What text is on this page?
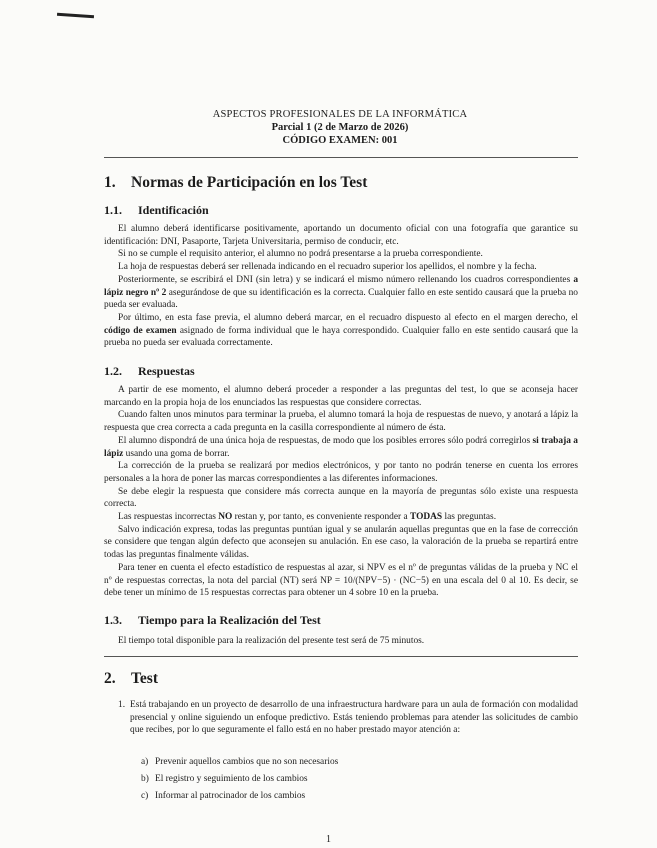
ASPECTOS PROFESIONALES DE LA INFORMÁTICA
Parcial 1 (2 de Marzo de 2026)
CÓDIGO EXAMEN: 001
1. Normas de Participación en los Test
1.1. Identificación

El alumno deberá identificarse positivamente, aportando un documento oficial con una fotografía que garantice su identificación: DNI, Pasaporte, Tarjeta Universitaria, permiso de conducir, etc.

Si no se cumple el requisito anterior, el alumno no podrá presentarse a la prueba correspondiente.

La hoja de respuestas deberá ser rellenada indicando en el recuadro superior los apellidos, el nombre y la fecha.

Posteriormente, se escribirá el DNI (sin letra) y se indicará el mismo número rellenando los cuadros correspondientes a lápiz negro nº 2 asegurándose de que su identificación es la correcta. Cualquier fallo en este sentido causará que la prueba no pueda ser evaluada.

Por último, en esta fase previa, el alumno deberá marcar, en el recuadro dispuesto al efecto en el margen derecho, el código de examen asignado de forma individual que le haya correspondido. Cualquier fallo en este sentido causará que la prueba no pueda ser evaluada correctamente.

1.2. Respuestas

A partir de ese momento, el alumno deberá proceder a responder a las preguntas del test, lo que se aconseja hacer marcando en la propia hoja de los enunciados las respuestas que considere correctas.

Cuando falten unos minutos para terminar la prueba, el alumno tomará la hoja de respuestas de nuevo, y anotará a lápiz la respuesta que crea correcta a cada pregunta en la casilla correspondiente al número de ésta.

El alumno dispondrá de una única hoja de respuestas, de modo que los posibles errores sólo podrá corregirlos si trabaja a lápiz usando una goma de borrar.

La corrección de la prueba se realizará por medios electrónicos, y por tanto no podrán tenerse en cuenta los errores personales a la hora de poner las marcas correspondientes a las diferentes informaciones.

Se debe elegir la respuesta que considere más correcta aunque en la mayoría de preguntas sólo existe una respuesta correcta.

Las respuestas incorrectas NO restan y, por tanto, es conveniente responder a TODAS las preguntas.

Salvo indicación expresa, todas las preguntas puntúan igual y se anularán aquellas preguntas que en la fase de corrección se considere que tengan algún defecto que aconsejen su anulación. En ese caso, la valoración de la prueba se repartirá entre todas las preguntas finalmente válidas.

Para tener en cuenta el efecto estadístico de respuestas al azar, si NPV es el nº de preguntas válidas de la prueba y NC el nº de respuestas correctas, la nota del parcial (NT) será NP = 10/(NPV−5) · (NC−5) en una escala del 0 al 10. Es decir, se debe tener un mínimo de 15 respuestas correctas para obtener un 4 sobre 10 en la prueba.

1.3. Tiempo para la Realización del Test

El tiempo total disponible para la realización del presente test será de 75 minutos.

2. Test
1. Está trabajando en un proyecto de desarrollo de una infraestructura hardware para un aula de formación con modalidad presencial y online siguiendo un enfoque predictivo. Estás teniendo problemas para atender las solicitudes de cambio que recibes, por lo que seguramente el fallo está en no haber prestado mayor atención a:
a) Prevenir aquellos cambios que no son necesarios
b) El registro y seguimiento de los cambios
c) Informar al patrocinador de los cambios
1
